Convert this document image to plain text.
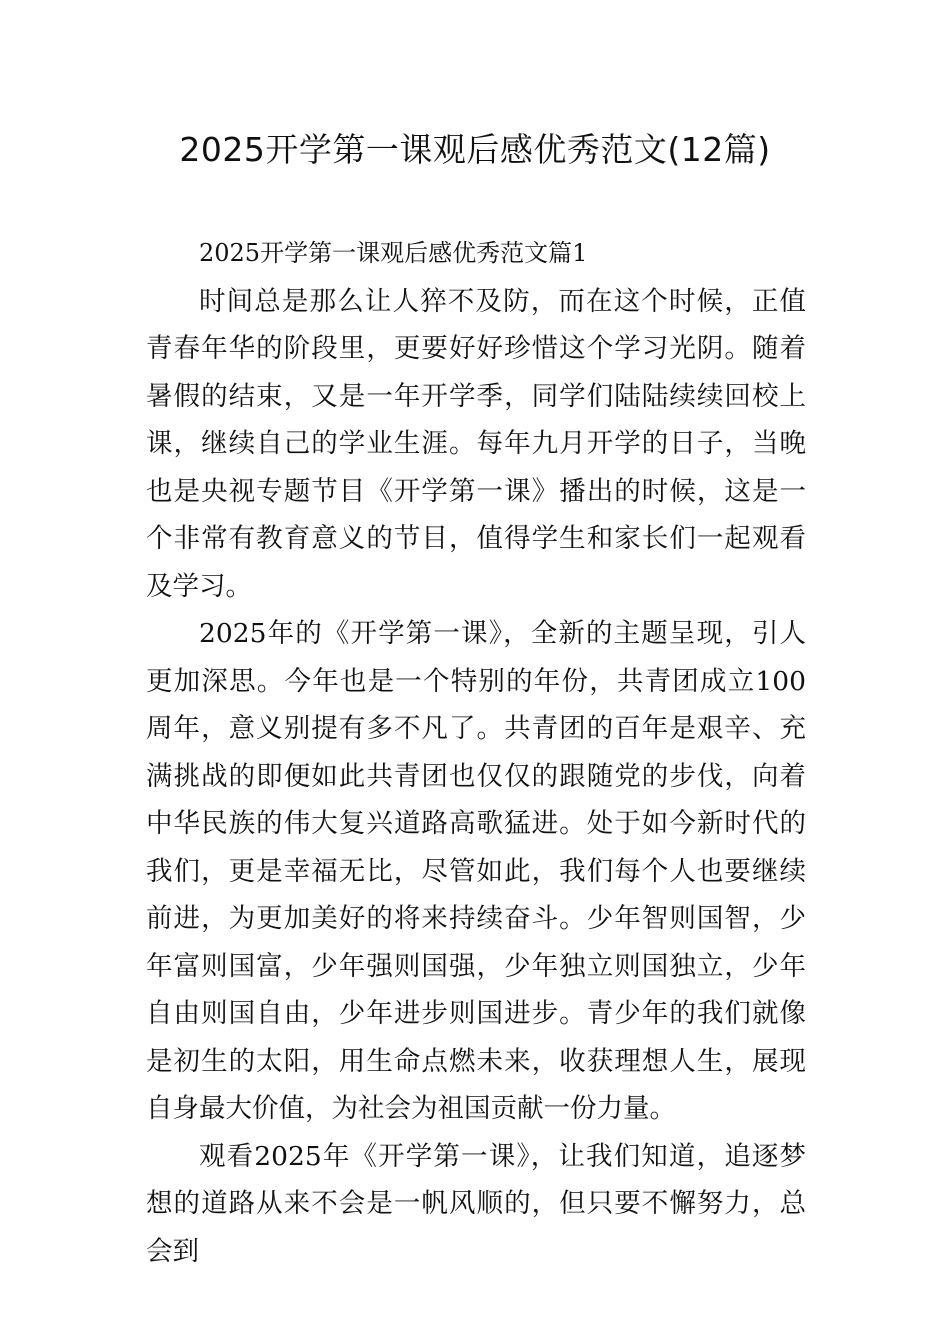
2025开学第一课观后感优秀范文(12篇)

2025开学第一课观后感优秀范文篇1

时间总是那么让人猝不及防，而在这个时候，正值青春年华的阶段里，更要好好珍惜这个学习光阴。随着暑假的结束，又是一年开学季，同学们陆陆续续回校上课，继续自己的学业生涯。每年九月开学的日子，当晚也是央视专题节目《开学第一课》播出的时候，这是一个非常有教育意义的节目，值得学生和家长们一起观看及学习。

2025年的《开学第一课》，全新的主题呈现，引人更加深思。今年也是一个特别的年份，共青团成立100周年，意义别提有多不凡了。共青团的百年是艰辛、充满挑战的即便如此共青团也仅仅的跟随党的步伐，向着中华民族的伟大复兴道路高歌猛进。处于如今新时代的我们，更是幸福无比，尽管如此，我们每个人也要继续前进，为更加美好的将来持续奋斗。少年智则国智，少年富则国富，少年强则国强，少年独立则国独立，少年自由则国自由，少年进步则国进步。青少年的我们就像是初生的太阳，用生命点燃未来，收获理想人生，展现自身最大价值，为社会为祖国贡献一份力量。

观看2025年《开学第一课》，让我们知道，追逐梦想的道路从来不会是一帆风顺的，但只要不懈努力，总会到
